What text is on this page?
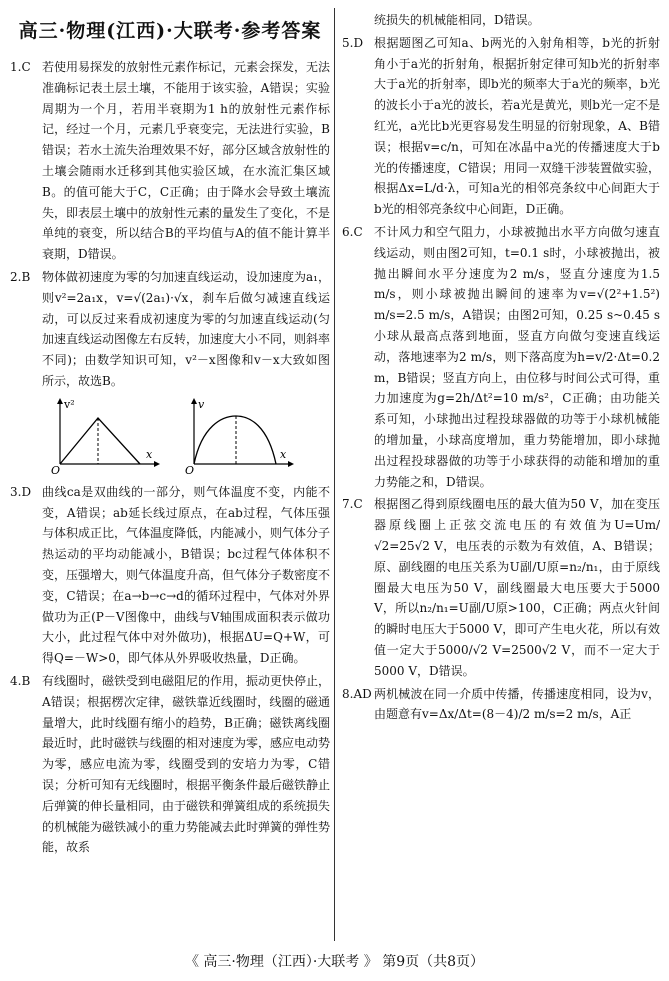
高三·物理(江西)·大联考·参考答案
1.C 若使用易探发的放射性元素作标记，元素会探发，无法准确标记表土层土壤，不能用于该实验，A错误；实验周期为一个月，若用半衰期为1 h的放射性元素作标记，经过一个月，元素几乎衰变完，无法进行实验，B错误；若水土流失治理效果不好，部分区域含放射性的土壤会随雨水迁移到其他实验区域，在水流汇集区域B。的值可能大于C，C正确；由于降水会导致土壤流失，即表层土壤中的放射性元素的量发生了变化，不是单纯的衰变，所以结合B的平均值与A的值不能计算半衰期，D错误。
2.B 物体做初速度为零的匀加速直线运动，设加速度为a₁，则v²=2a₁x，v=√(2a₁)·√x，刹车后做匀减速直线运动，可以反过来看成初速度为零的匀加速直线运动(匀加速直线运动图像左右反转，加速度大小不同，则斜率不同)；由数学知识可知，v²－x图像和v－x大致如图所示，故选B。
v²
x
O
v
x
O
3.D 曲线ca是双曲线的一部分，则气体温度不变，内能不变，A错误；ab延长线过原点，在ab过程，气体压强与体积成正比，气体温度降低，内能减小，则气体分子热运动的平均动能减小，B错误；bc过程气体体积不变，压强增大，则气体温度升高，但气体分子数密度不变，C错误；在a→b→c→d的循环过程中，气体对外界做功为正(P－V图像中，曲线与V轴围成面积表示做功大小，此过程气体中对外做功)，根据ΔU=Q+W，可得Q=－W>0，即气体从外界吸收热量，D正确。
4.B 有线圈时，磁铁受到电磁阻尼的作用，振动更快停止，A错误；根据楞次定律，磁铁靠近线圈时，线圈的磁通量增大，此时线圈有缩小的趋势，B正确；磁铁离线圈最近时，此时磁铁与线圈的相对速度为零，感应电动势为零，感应电流为零，线圈受到的安培力为零，C错误；分析可知有无线圈时，根据平衡条件最后磁铁静止后弹簧的伸长量相同，由于磁铁和弹簧组成的系统损失的机械能为磁铁减小的重力势能减去此时弹簧的弹性势能，故系
统损失的机械能相同，D错误。
5.D 根据题图乙可知a、b两光的入射角相等，b光的折射角小于a光的折射角，根据折射定律可知b光的折射率大于a光的折射率，即b光的频率大于a光的频率，b光的波长小于a光的波长，若a光是黄光，则b光一定不是红光，a光比b光更容易发生明显的衍射现象，A、B错误；根据v=c/n，可知在冰晶中a光的传播速度大于b光的传播速度，C错误；用同一双缝干涉装置做实验，根据Δx=L/d·λ，可知a光的相邻亮条纹中心间距大于b光的相邻亮条纹中心间距，D正确。
6.C 不计风力和空气阻力，小球被抛出水平方向做匀速直线运动，则由图2可知，t=0.1 s时，小球被抛出，被抛出瞬间水平分速度为2 m/s，竖直分速度为1.5 m/s，则小球被抛出瞬间的速率为v=√(2²+1.5²) m/s=2.5 m/s，A错误；由图2可知，0.25 s~0.45 s小球从最高点落到地面，竖直方向做匀变速直线运动，落地速率为2 m/s，则下落高度为h=v/2·Δt=0.2 m，B错误；竖直方向上，由位移与时间公式可得，重力加速度为g=2h/Δt²=10 m/s²，C正确；由功能关系可知，小球抛出过程投球器做的功等于小球机械能的增加量，小球高度增加，重力势能增加，即小球抛出过程投球器做的功等于小球获得的动能和增加的重力势能之和，D错误。
7.C 根据图乙得到原线圈电压的最大值为50 V，加在变压器原线圈上正弦交流电压的有效值为U=Um/√2=25√2 V，电压表的示数为有效值，A、B错误；原、副线圈的电压关系为U副/U原=n₂/n₁，由于原线圈最大电压为50 V，副线圈最大电压要大于5000 V，所以n₂/n₁=U副/U原>100，C正确；两点火针间的瞬时电压大于5000 V，即可产生电火花，所以有效值一定大于5000/√2 V=2500√2 V，而不一定大于5000 V，D错误。
8.AD 两机械波在同一介质中传播，传播速度相同，设为v，由题意有v=Δx/Δt=(8－4)/2 m/s=2 m/s，A正
《 高三·物理（江西）·大联考 》 第9页（共8页）
